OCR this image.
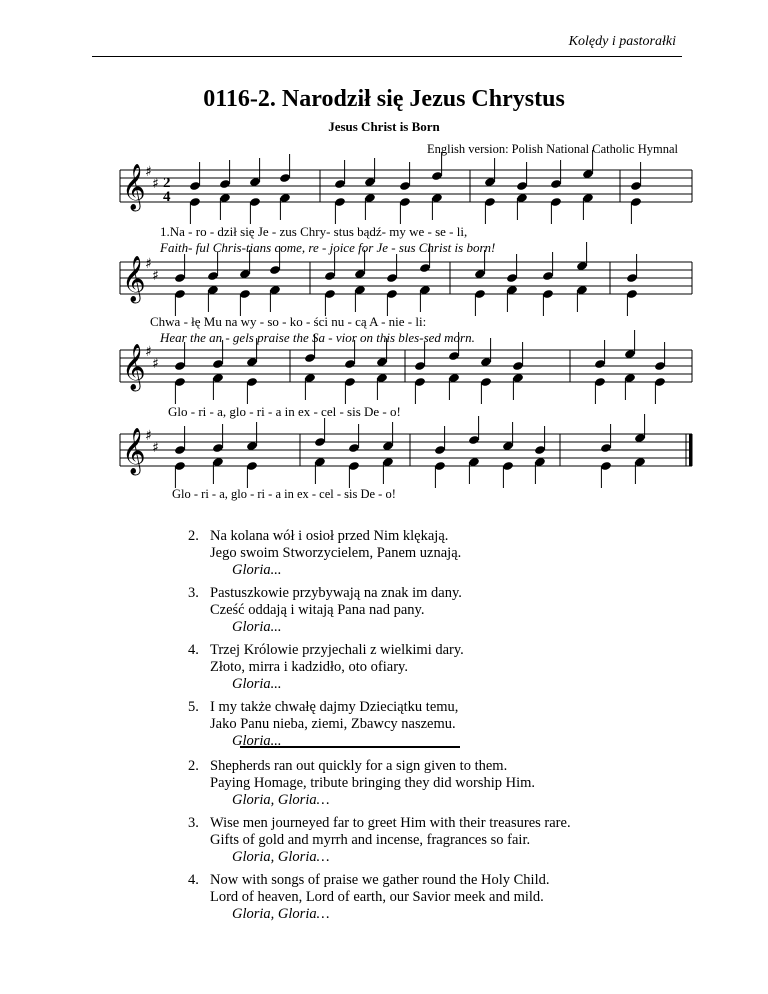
Kolędy i pastorałki
0116-2. Narodził się Jezus Chrystus
Jesus Christ is Born
English version: Polish National Catholic Hymnal
2
4
𝄞 ♯
♯
𝄞 ♯
♯
𝄞 ♯
♯
𝄞 ♯
♯
1.Na - ro - dził się Je - zus Chry- stus bądź- my we - se - li,
Faith- ful Chris-tians come, re - joice for Je - sus Christ is born!
Chwa - łę Mu na wy - so - ko - ści nu - cą A - nie - li:
Hear the an - gels praise the Sa - vior on this bles-sed morn.
Glo - ri - a, glo - ri - a in ex - cel - sis De - o!
Glo - ri - a, glo - ri - a in ex - cel - sis De - o!
2. Na kolana wół i osioł przed Nim klękają.
Jego swoim Stworzycielem, Panem uznają.
Gloria...
3. Pastuszkowie przybywają na znak im dany.
Cześć oddają i witają Pana nad pany.
Gloria...
4. Trzej Królowie przyjechali z wielkimi dary.
Złoto, mirra i kadzidło, oto ofiary.
Gloria...
5. I my także chwałę dajmy Dzieciątku temu,
Jako Panu nieba, ziemi, Zbawcy naszemu.
Gloria...
2. Shepherds ran out quickly for a sign given to them.
Paying Homage, tribute bringing they did worship Him.
Gloria, Gloria…
3. Wise men journeyed far to greet Him with their treasures rare.
Gifts of gold and myrrh and incense, fragrances so fair.
Gloria, Gloria…
4. Now with songs of praise we gather round the Holy Child.
Lord of heaven, Lord of earth, our Savior meek and mild.
Gloria, Gloria…
